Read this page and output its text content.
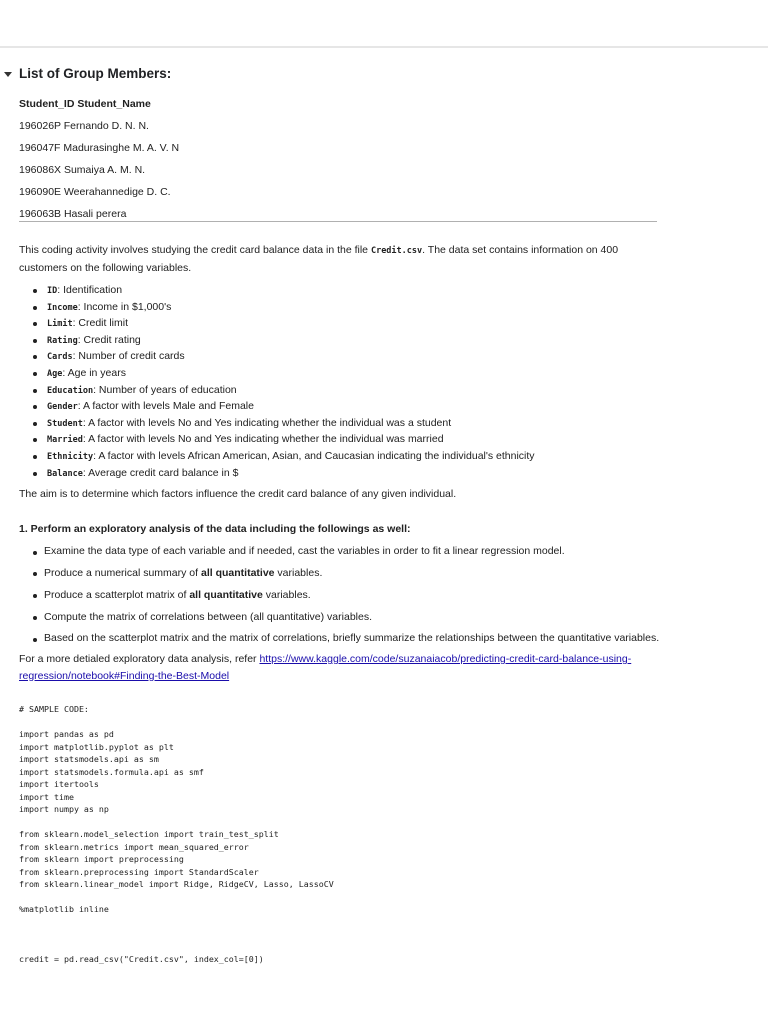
List of Group Members:
Student_ID Student_Name
196026P Fernando D. N. N.
196047F Madurasinghe M. A. V. N
196086X Sumaiya A. M. N.
196090E Weerahannedige D. C.
196063B Hasali perera

This coding activity involves studying the credit card balance data in the file Credit.csv. The data set contains information on 400 customers on the following variables.

ID: Identification
Income: Income in $1,000's
Limit: Credit limit
Rating: Credit rating
Cards: Number of credit cards
Age: Age in years
Education: Number of years of education
Gender: A factor with levels Male and Female
Student: A factor with levels No and Yes indicating whether the individual was a student
Married: A factor with levels No and Yes indicating whether the individual was married
Ethnicity: A factor with levels African American, Asian, and Caucasian indicating the individual's ethnicity
Balance: Average credit card balance in $

The aim is to determine which factors influence the credit card balance of any given individual.

1. Perform an exploratory analysis of the data including the followings as well:

Examine the data type of each variable and if needed, cast the variables in order to fit a linear regression model.
Produce a numerical summary of all quantitative variables.
Produce a scatterplot matrix of all quantitative variables.
Compute the matrix of correlations between (all quantitative) variables.
Based on the scatterplot matrix and the matrix of correlations, briefly summarize the relationships between the quantitative variables.

For a more detialed exploratory data analysis, refer https://www.kaggle.com/code/suzanaiacob/predicting-credit-card-balance-using-regression/notebook#Finding-the-Best-Model

# SAMPLE CODE:
import pandas as pd
import matplotlib.pyplot as plt
import statsmodels.api as sm
import statsmodels.formula.api as smf
import itertools
import time
import numpy as np
from sklearn.model_selection import train_test_split
from sklearn.metrics import mean_squared_error
from sklearn import preprocessing
from sklearn.preprocessing import StandardScaler
from sklearn.linear_model import Ridge, RidgeCV, Lasso, LassoCV
%matplotlib inline
credit = pd.read_csv("Credit.csv", index_col=[0])
